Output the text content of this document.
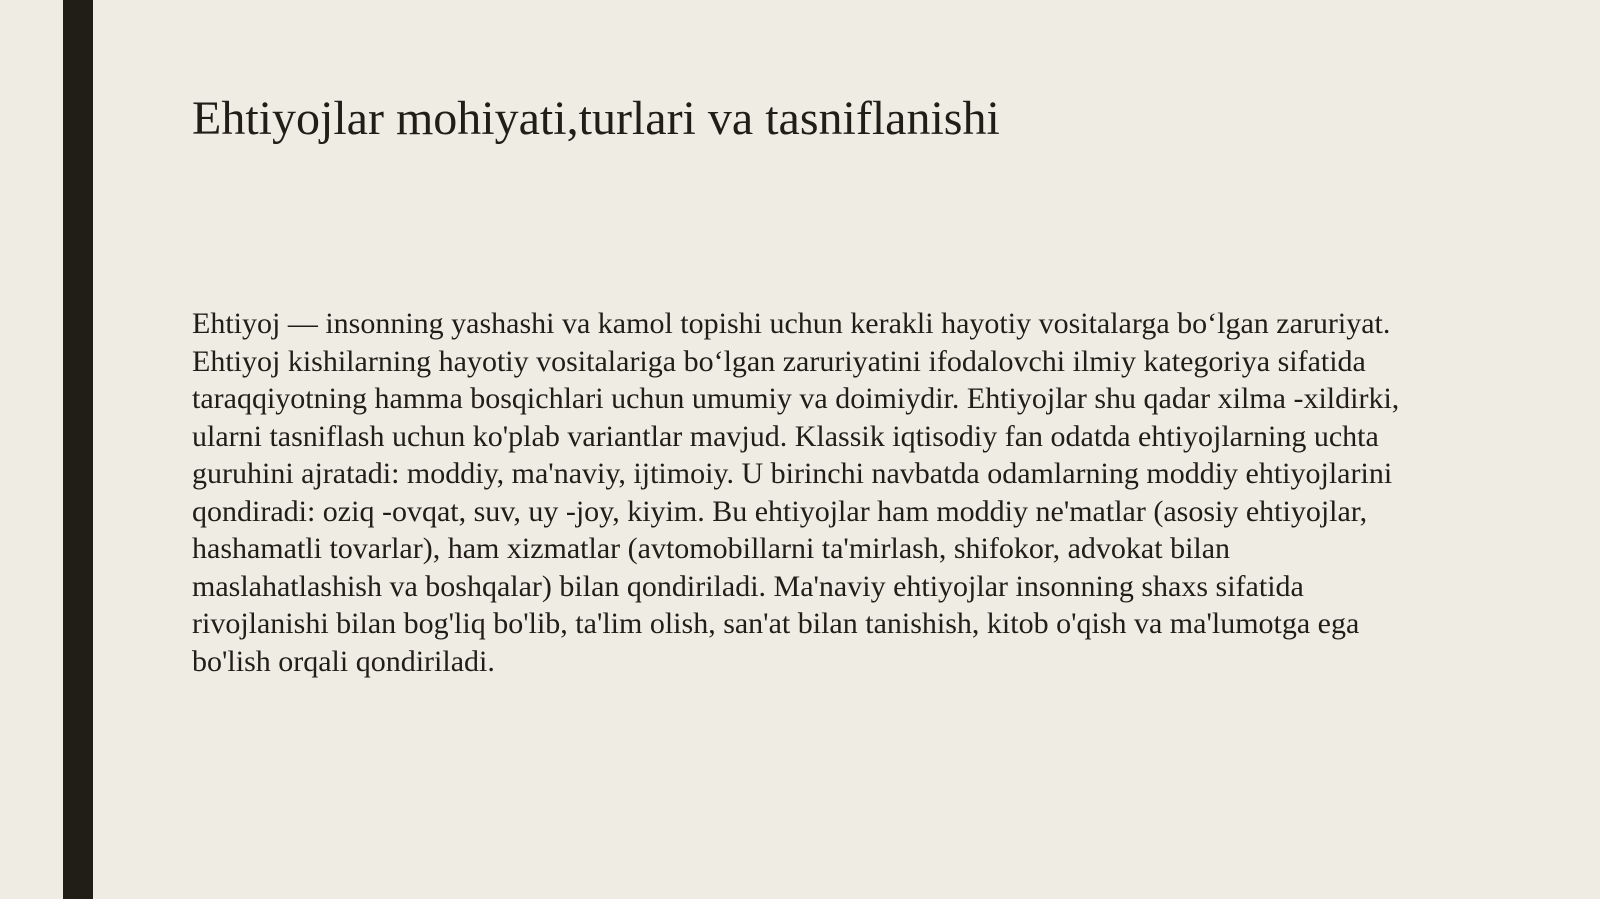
Ehtiyojlar mohiyati,turlari va tasniflanishi

Ehtiyoj — insonning yashashi va kamol topishi uchun kerakli hayotiy vositalarga bo‘lgan zaruriyat. Ehtiyoj kishilarning hayotiy vositalariga bo‘lgan zaruriyatini ifodalovchi ilmiy kategoriya sifatida taraqqiyotning hamma bosqichlari uchun umumiy va doimiydir. Ehtiyojlar shu qadar xilma -xildirki, ularni tasniflash uchun ko'plab variantlar mavjud. Klassik iqtisodiy fan odatda ehtiyojlarning uchta guruhini ajratadi: moddiy, ma'naviy, ijtimoiy. U birinchi navbatda odamlarning moddiy ehtiyojlarini qondiradi: oziq -ovqat, suv, uy -joy, kiyim. Bu ehtiyojlar ham moddiy ne'matlar (asosiy ehtiyojlar, hashamatli tovarlar), ham xizmatlar (avtomobillarni ta'mirlash, shifokor, advokat bilan maslahatlashish va boshqalar) bilan qondiriladi. Ma'naviy ehtiyojlar insonning shaxs sifatida rivojlanishi bilan bog'liq bo'lib, ta'lim olish, san'at bilan tanishish, kitob o'qish va ma'lumotga ega bo'lish orqali qondiriladi.
